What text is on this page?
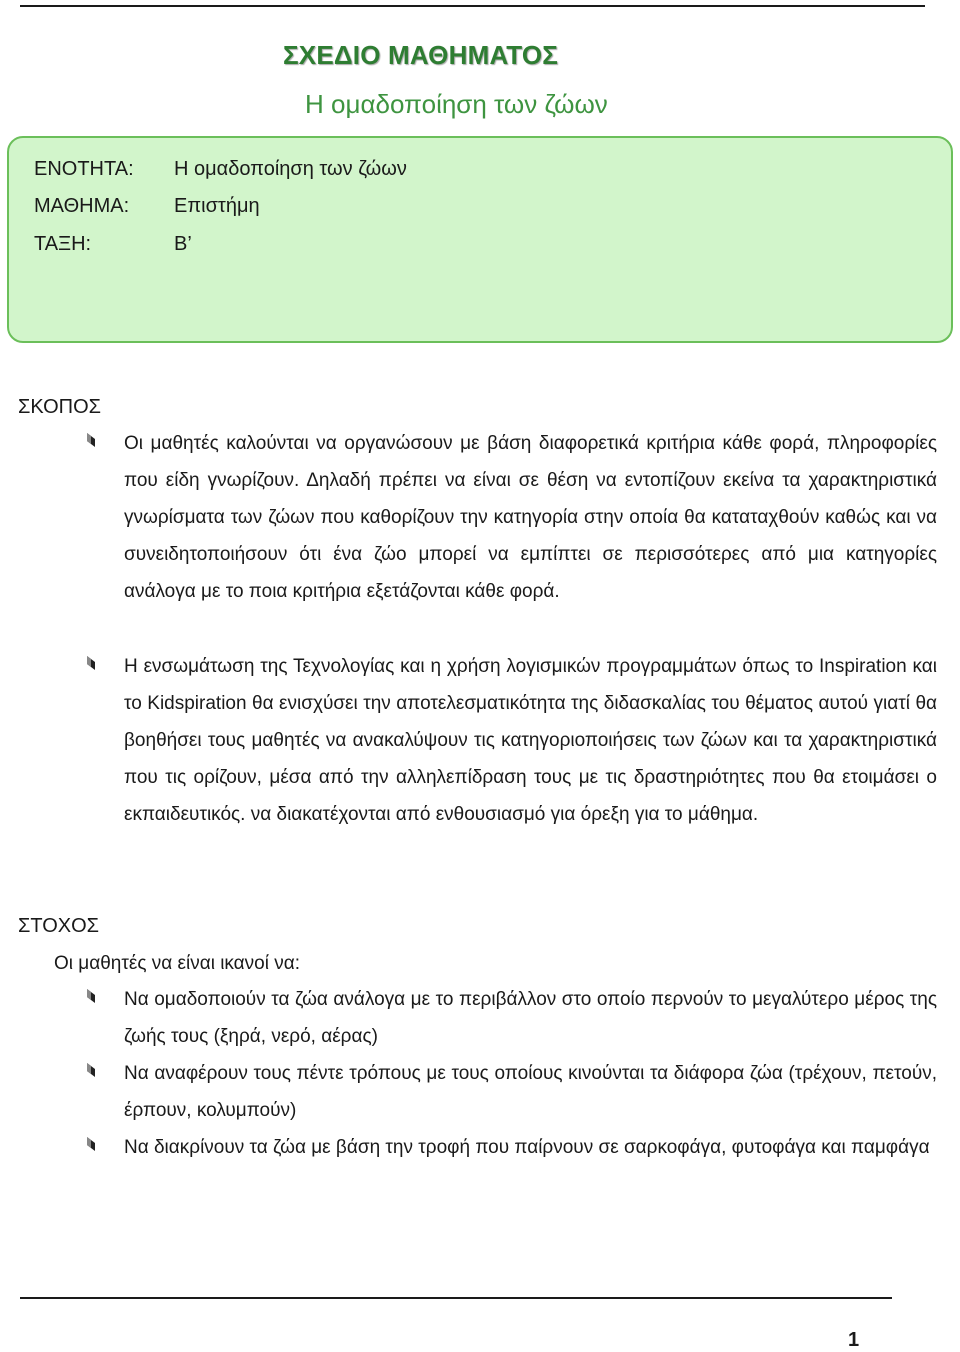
ΣΧΕΔΙΟ ΜΑΘΗΜΑΤΟΣ
Η ομαδοποίηση των ζώων
ΕΝΟΤΗΤΑ: Η ομαδοποίηση των ζώων
ΜΑΘΗΜΑ: Επιστήμη
ΤΑΞΗ:	Β’
ΣΚΟΠΟΣ

Οι μαθητές καλούνται να οργανώσουν με βάση διαφορετικά κριτήρια κάθε φορά, πληροφορίες που είδη γνωρίζουν. Δηλαδή πρέπει να είναι σε θέση να εντοπίζουν εκείνα τα χαρακτηριστικά γνωρίσματα των ζώων που καθορίζουν την κατηγορία στην οποία θα καταταχθούν καθώς και να συνειδητοποιήσουν ότι ένα ζώο μπορεί να εμπίπτει σε περισσότερες από μια κατηγορίες ανάλογα με το ποια κριτήρια εξετάζονται κάθε φορά.

Η ενσωμάτωση της Τεχνολογίας και η χρήση λογισμικών προγραμμάτων όπως το Inspiration και το Kidspiration θα ενισχύσει την αποτελεσματικότητα της διδασκαλίας του θέματος αυτού γιατί θα βοηθήσει τους μαθητές να ανακαλύψουν τις κατηγοριοποιήσεις των ζώων και τα χαρακτηριστικά που τις ορίζουν, μέσα από την αλληλεπίδραση τους με τις δραστηριότητες που θα ετοιμάσει ο εκπαιδευτικός. να διακατέχονται από ενθουσιασμό για όρεξη για το μάθημα.

ΣΤΟΧΟΣ
Οι μαθητές να είναι ικανοί να:

Να ομαδοποιούν τα ζώα ανάλογα με το περιβάλλον στο οποίο περνούν το μεγαλύτερο μέρος της ζωής τους (ξηρά, νερό, αέρας)

Να αναφέρουν τους πέντε τρόπους με τους οποίους κινούνται τα διάφορα ζώα (τρέχουν, πετούν, έρπουν, κολυμπούν)

Να διακρίνουν τα ζώα με βάση την τροφή που παίρνουν σε σαρκοφάγα, φυτοφάγα και παμφάγα

1
